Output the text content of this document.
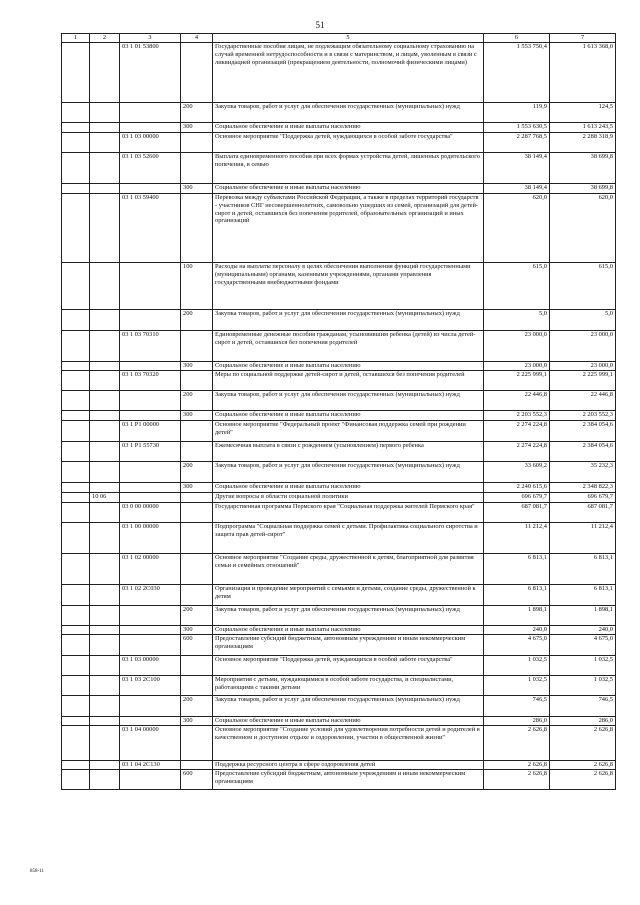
51
1	2	3	4	5	6	7
		03 1 01 53800		Государственные пособия лицам, не подлежащим обязательному социальному страхованию на случай временной нетрудоспособности и в связи с материнством, и лицам, уволенным в связи с ликвидацией организаций (прекращением деятельности, полномочий физическими лицами)	1 553 750,4	1 613 368,0
			200	Закупка товаров, работ и услуг для обеспечения государственных (муниципальных) нужд	119,9	124,5
			300	Социальное обеспечение и иные выплаты населению	1 553 630,5	1 613 243,5
		03 1 03 00000		Основное мероприятие "Поддержка детей, нуждающихся в особой заботе государства"	2 287 768,5	2 288 318,9
		03 1 03 52600		Выплата единовременного пособия при всех формах устройства детей, лишенных родительского попечения, в семью	38 149,4	38 699,8
			300	Социальное обеспечение и иные выплаты населению	38 149,4	38 699,8
		03 1 03 59400		Перевозка между субъектами Российской Федерации, а также в пределах территорий государств - участников СНГ несовершеннолетних, самовольно ушедших из семей, организаций для детей-сирот и детей, оставшихся без попечения родителей, образовательных организаций и иных организаций	620,0	620,0
			100	Расходы на выплаты персоналу в целях обеспечения выполнения функций государственными (муниципальными) органами, казенными учреждениями, органами управления государственными внебюджетными фондами	615,0	615,0
			200	Закупка товаров, работ и услуг для обеспечения государственных (муниципальных) нужд	5,0	5,0
		03 1 03 70310		Единовременные денежные пособия гражданам, усыновившим ребенка (детей) из числа детей-сирот и детей, оставшихся без попечения родителей	23 000,0	23 000,0
			300	Социальное обеспечение и иные выплаты населению	23 000,0	23 000,0
		03 1 03 70320		Меры по социальной поддержке детей-сирот и детей, оставшихся без попечения родителей	2 225 999,1	2 225 999,1
			200	Закупка товаров, работ и услуг для обеспечения государственных (муниципальных) нужд	22 446,8	22 446,8
			300	Социальное обеспечение и иные выплаты населению	2 203 552,3	2 203 552,3
		03 1 P1 00000		Основное мероприятие "Федеральный проект "Финансовая поддержка семей при рождении детей"	2 274 224,8	2 384 054,6
		03 1 P1 55730		Ежемесячная выплата в связи с рождением (усыновлением) первого ребенка	2 274 224,8	2 384 054,6
			200	Закупка товаров, работ и услуг для обеспечения государственных (муниципальных) нужд	33 609,2	35 232,3
			300	Социальное обеспечение и иные выплаты населению	2 240 615,6	2 348 822,3
	10 06			Другие вопросы в области социальной политики	696 679,7	696 679,7
		03 0 00 00000		Государственная программа Пермского края "Социальная поддержка жителей Пермского края"	687 081,7	687 081,7
		03 1 00 00000		Подпрограмма "Социальная поддержка семей с детьми. Профилактика социального сиротства и защита прав детей-сирот"	11 212,4	11 212,4
		03 1 02 00000		Основное мероприятие "Создание среды, дружественной к детям, благоприятной для развития семьи и семейных отношений"	6 813,1	6 813,1
		03 1 02 2C030		Организация и проведение мероприятий с семьями и детьми, создание среды, дружественной к детям	6 813,1	6 813,1
			200	Закупка товаров, работ и услуг для обеспечения государственных (муниципальных) нужд	1 898,1	1 898,1
			300	Социальное обеспечение и иные выплаты населению	240,0	240,0
			600	Предоставление субсидий бюджетным, автономным учреждениям и иным некоммерческим организациям	4 675,0	4 675,0
		03 1 03 00000		Основное мероприятие "Поддержка детей, нуждающихся в особой заботе государства"	1 032,5	1 032,5
		03 1 03 2C100		Мероприятия с детьми, нуждающимися в особой заботе государства, и специалистами, работающими с такими детьми	1 032,5	1 032,5
			200	Закупка товаров, работ и услуг для обеспечения государственных (муниципальных) нужд	746,5	746,5
			300	Социальное обеспечение и иные выплаты населению	286,0	286,0
		03 1 04 00000		Основное мероприятие "Создание условий для удовлетворения потребности детей и родителей в качественном и доступном отдыхе и оздоровлении, участии в общественной жизни"	2 626,8	2 626,8
		03 1 04 2C130		Поддержка ресурсного центра в сфере оздоровления детей	2 626,8	2 626,8
			600	Предоставление субсидий бюджетным, автономным учреждениям и иным некоммерческим организациям	2 626,8	2 626,8
858-11
